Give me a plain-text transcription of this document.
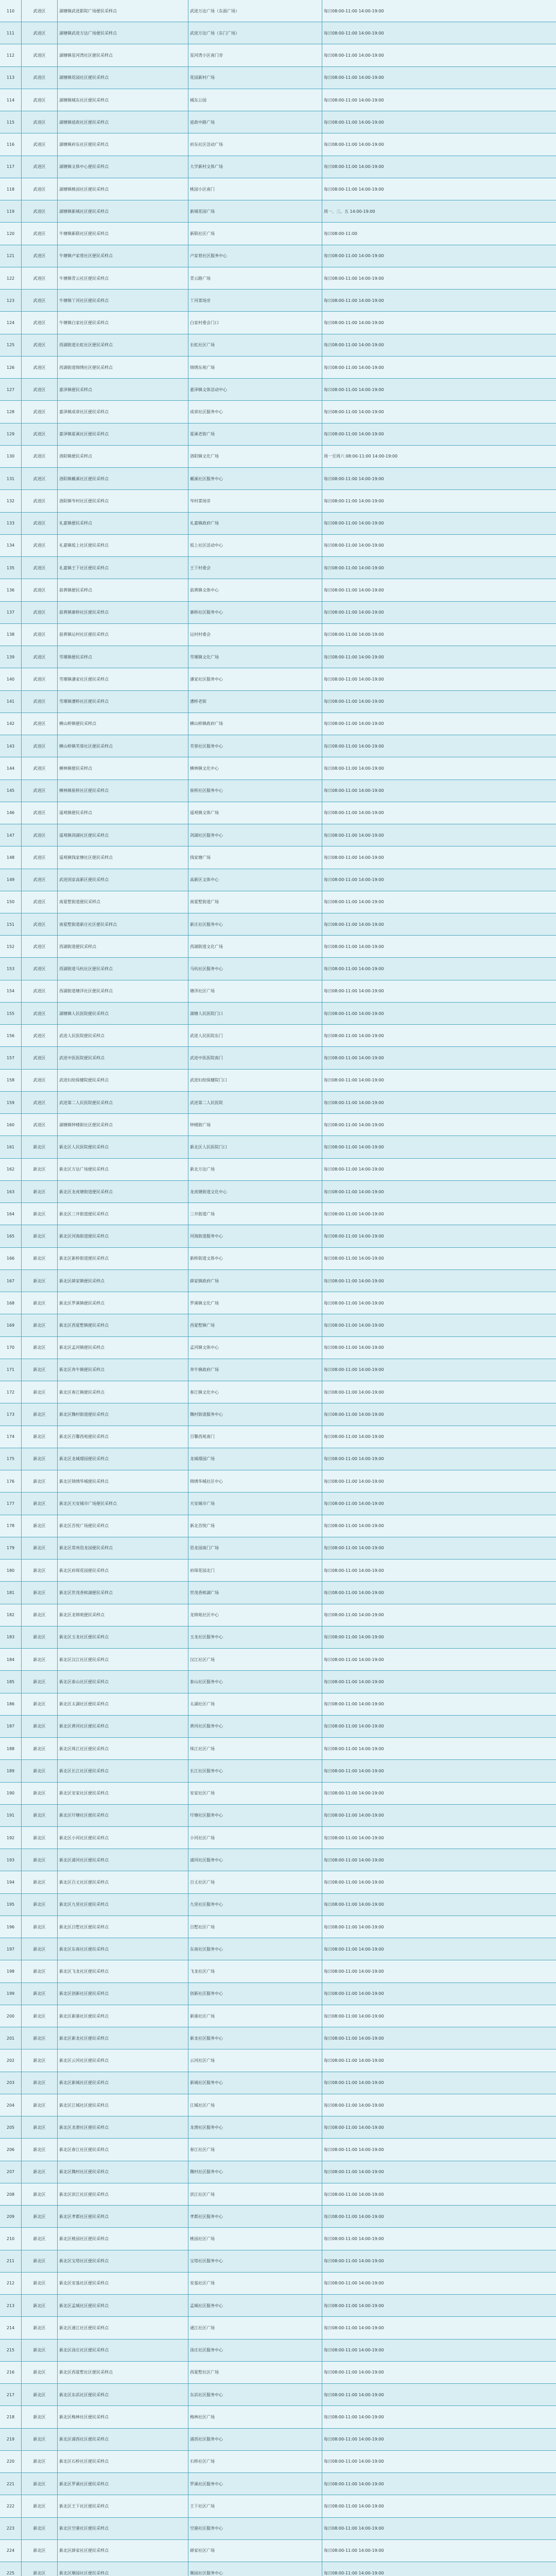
110	武进区	湖塘镇武进影院广场便民采样点	武进万达广场（东面广场）	每日08:00-11:00 14:00-19:00
111	武进区	湖塘镇武进万达广场便民采样点	武进万达广场（东门广场）	每日08:00-11:00 14:00-19:00
112	武进区	湖塘镇星河湾社区便民采样点	星河湾小区南门旁	每日08:00-11:00 14:00-19:00
113	武进区	湖塘镇花园社区便民采样点	花园新村广场	每日08:00-11:00 14:00-19:00
114	武进区	湖塘镇城东社区便民采样点	城东公园	每日08:00-11:00 14:00-19:00
115	武进区	湖塘镇延政社区便民采样点	延政中路广场	每日08:00-11:00 14:00-19:00
116	武进区	湖塘镇府东社区便民采样点	府东社区活动广场	每日08:00-11:00 14:00-19:00
117	武进区	湖塘镇文体中心便民采样点	大学新村文体广场	每日08:00-11:00 14:00-19:00
118	武进区	湖塘镇桃园社区便民采样点	桃园小区南门	每日08:00-11:00 14:00-19:00
119	武进区	湖塘镇新城社区便民采样点	新城花园广场	周一、三、五 14:00-19:00
120	武进区	牛塘镇新联社区便民采样点	新联社区广场	每日08:00-11:00
121	武进区	牛塘镇卢家巷社区便民采样点	卢家巷社区服务中心	每日08:00-11:00 14:00-19:00
122	武进区	牛塘镇青云社区便民采样点	青云路广场	每日08:00-11:00 14:00-19:00
123	武进区	牛塘镇丫河社区便民采样点	丫河菜场旁	每日08:00-11:00 14:00-19:00
124	武进区	牛塘镇白家社区便民采样点	白家村委会门口	每日08:00-11:00 14:00-19:00
125	武进区	西湖街道长虹社区便民采样点	长虹社区广场	每日08:00-11:00 14:00-19:00
126	武进区	西湖街道锦绣社区便民采样点	锦绣东苑广场	每日08:00-11:00 14:00-19:00
127	武进区	嘉泽镇便民采样点	嘉泽镇文体活动中心	每日08:00-11:00 14:00-19:00
128	武进区	嘉泽镇成章社区便民采样点	成章社区服务中心	每日08:00-11:00 14:00-19:00
129	武进区	嘉泽镇夏溪社区便民采样点	夏溪老街广场	每日08:00-11:00 14:00-19:00
130	武进区	洛阳镇便民采样点	洛阳镇文化广场	周一至周六 08:00-11:00 14:00-19:00
131	武进区	洛阳镇戴溪社区便民采样点	戴溪社区服务中心	每日08:00-11:00 14:00-19:00
132	武进区	洛阳镇岑村社区便民采样点	岑村菜场旁	每日08:00-11:00 14:00-19:00
133	武进区	礼嘉镇便民采样点	礼嘉镇政府广场	每日08:00-11:00 14:00-19:00
134	武进区	礼嘉镇坂上社区便民采样点	坂上社区活动中心	每日08:00-11:00 14:00-19:00
135	武进区	礼嘉镇王下社区便民采样点	王下村委会	每日08:00-11:00 14:00-19:00
136	武进区	前黄镇便民采样点	前黄镇文体中心	每日08:00-11:00 14:00-19:00
137	武进区	前黄镇寨桥社区便民采样点	寨桥社区服务中心	每日08:00-11:00 14:00-19:00
138	武进区	前黄镇运村社区便民采样点	运村村委会	每日08:00-11:00 14:00-19:00
139	武进区	雪堰镇便民采样点	雪堰镇文化广场	每日08:00-11:00 14:00-19:00
140	武进区	雪堰镇潘家社区便民采样点	潘家社区服务中心	每日08:00-11:00 14:00-19:00
141	武进区	雪堰镇漕桥社区便民采样点	漕桥老街	每日08:00-11:00 14:00-19:00
142	武进区	横山桥镇便民采样点	横山桥镇政府广场	每日08:00-11:00 14:00-19:00
143	武进区	横山桥镇芙蓉社区便民采样点	芙蓉社区服务中心	每日08:00-11:00 14:00-19:00
144	武进区	横林镇便民采样点	横林镇文化中心	每日08:00-11:00 14:00-19:00
145	武进区	横林镇崔桥社区便民采样点	崔桥社区服务中心	每日08:00-11:00 14:00-19:00
146	武进区	遥观镇便民采样点	遥观镇文体广场	每日08:00-11:00 14:00-19:00
147	武进区	遥观镇剑湖社区便民采样点	剑湖社区服务中心	每日08:00-11:00 14:00-19:00
148	武进区	遥观镇钱家塘社区便民采样点	钱家塘广场	每日08:00-11:00 14:00-19:00
149	武进区	武进国家高新区便民采样点	高新区文体中心	每日08:00-11:00 14:00-19:00
150	武进区	南夏墅街道便民采样点	南夏墅街道广场	每日08:00-11:00 14:00-19:00
151	武进区	南夏墅街道新庄社区便民采样点	新庄社区服务中心	每日08:00-11:00 14:00-19:00
152	武进区	西湖街道便民采样点	西湖街道文化广场	每日08:00-11:00 14:00-19:00
153	武进区	西湖街道马杭社区便民采样点	马杭社区服务中心	每日08:00-11:00 14:00-19:00
154	武进区	西湖街道塘洋社区便民采样点	塘洋社区广场	每日08:00-11:00 14:00-19:00
155	武进区	湖塘镇人民医院便民采样点	湖塘人民医院门口	每日08:00-11:00 14:00-19:00
156	武进区	武进人民医院便民采样点	武进人民医院东门	每日08:00-11:00 14:00-19:00
157	武进区	武进中医医院便民采样点	武进中医医院南门	每日08:00-11:00 14:00-19:00
158	武进区	武进妇幼保健院便民采样点	武进妇幼保健院门口	每日08:00-11:00 14:00-19:00
159	武进区	武进第二人民医院便民采样点	武进第二人民医院	每日08:00-11:00 14:00-19:00
160	武进区	湖塘镇钟楼街社区便民采样点	钟楼街广场	每日08:00-11:00 14:00-19:00
161	新北区	新北区人民医院便民采样点	新北区人民医院门口	每日08:00-11:00 14:00-19:00
162	新北区	新北区万达广场便民采样点	新北万达广场	每日08:00-11:00 14:00-19:00
163	新北区	新北区龙虎塘街道便民采样点	龙虎塘街道文化中心	每日08:00-11:00 14:00-19:00
164	新北区	新北区三井街道便民采样点	三井街道广场	每日08:00-11:00 14:00-19:00
165	新北区	新北区河海街道便民采样点	河海街道服务中心	每日08:00-11:00 14:00-19:00
166	新北区	新北区新桥街道便民采样点	新桥街道文体中心	每日08:00-11:00 14:00-19:00
167	新北区	新北区薛家镇便民采样点	薛家镇政府广场	每日08:00-11:00 14:00-19:00
168	新北区	新北区罗溪镇便民采样点	罗溪镇文化广场	每日08:00-11:00 14:00-19:00
169	新北区	新北区西夏墅镇便民采样点	西夏墅镇广场	每日08:00-11:00 14:00-19:00
170	新北区	新北区孟河镇便民采样点	孟河镇文体中心	每日08:00-11:00 14:00-19:00
171	新北区	新北区奔牛镇便民采样点	奔牛镇政府广场	每日08:00-11:00 14:00-19:00
172	新北区	新北区春江镇便民采样点	春江镇文化中心	每日08:00-11:00 14:00-19:00
173	新北区	新北区魏村街道便民采样点	魏村街道服务中心	每日08:00-11:00 14:00-19:00
174	新北区	新北区百馨西苑便民采样点	百馨西苑南门	每日08:00-11:00 14:00-19:00
175	新北区	新北区龙城璟园便民采样点	龙城璟园广场	每日08:00-11:00 14:00-19:00
176	新北区	新北区锦绣华城便民采样点	锦绣华城社区中心	每日08:00-11:00 14:00-19:00
177	新北区	新北区天安城市广场便民采样点	天安城市广场	每日08:00-11:00 14:00-19:00
178	新北区	新北区吾悦广场便民采样点	新北吾悦广场	每日08:00-11:00 14:00-19:00
179	新北区	新北区常州恐龙园便民采样点	恐龙园南门广场	每日08:00-11:00 14:00-19:00
180	新北区	新北区府琛花园便民采样点	府琛花园北门	每日08:00-11:00 14:00-19:00
181	新北区	新北区世茂香槟湖便民采样点	世茂香槟湖广场	每日08:00-11:00 14:00-19:00
182	新北区	新北区龙锦苑便民采样点	龙锦苑社区中心	每日08:00-11:00 14:00-19:00
183	新北区	新北区玉龙社区便民采样点	玉龙社区服务中心	每日08:00-11:00 14:00-19:00
184	新北区	新北区汉江社区便民采样点	汉江社区广场	每日08:00-11:00 14:00-19:00
185	新北区	新北区泰山社区便民采样点	泰山社区服务中心	每日08:00-11:00 14:00-19:00
186	新北区	新北区太湖社区便民采样点	太湖社区广场	每日08:00-11:00 14:00-19:00
187	新北区	新北区黄河社区便民采样点	黄河社区服务中心	每日08:00-11:00 14:00-19:00
188	新北区	新北区珠江社区便民采样点	珠江社区广场	每日08:00-11:00 14:00-19:00
189	新北区	新北区长江社区便民采样点	长江社区服务中心	每日08:00-11:00 14:00-19:00
190	新北区	新北区安家社区便民采样点	安家社区广场	每日08:00-11:00 14:00-19:00
191	新北区	新北区圩塘社区便民采样点	圩塘社区服务中心	每日08:00-11:00 14:00-19:00
192	新北区	新北区小河社区便民采样点	小河社区广场	每日08:00-11:00 14:00-19:00
193	新北区	新北区浦河社区便民采样点	浦河社区服务中心	每日08:00-11:00 14:00-19:00
194	新北区	新北区百丈社区便民采样点	百丈社区广场	每日08:00-11:00 14:00-19:00
195	新北区	新北区九里社区便民采样点	九里社区服务中心	每日08:00-11:00 14:00-19:00
196	新北区	新北区吕墅社区便民采样点	吕墅社区广场	每日08:00-11:00 14:00-19:00
197	新北区	新北区东南社区便民采样点	东南社区服务中心	每日08:00-11:00 14:00-19:00
198	新北区	新北区飞龙社区便民采样点	飞龙社区广场	每日08:00-11:00 14:00-19:00
199	新北区	新北区创新社区便民采样点	创新社区服务中心	每日08:00-11:00 14:00-19:00
200	新北区	新北区新港社区便民采样点	新港社区广场	每日08:00-11:00 14:00-19:00
201	新北区	新北区新龙社区便民采样点	新龙社区服务中心	每日08:00-11:00 14:00-19:00
202	新北区	新北区云河社区便民采样点	云河社区广场	每日08:00-11:00 14:00-19:00
203	新北区	新北区新城社区便民采样点	新城社区服务中心	每日08:00-11:00 14:00-19:00
204	新北区	新北区江城社区便民采样点	江城社区广场	每日08:00-11:00 14:00-19:00
205	新北区	新北区龙潜社区便民采样点	龙潜社区服务中心	每日08:00-11:00 14:00-19:00
206	新北区	新北区春江社区便民采样点	春江社区广场	每日08:00-11:00 14:00-19:00
207	新北区	新北区魏村社区便民采样点	魏村社区服务中心	每日08:00-11:00 14:00-19:00
208	新北区	新北区滨江社区便民采样点	滨江社区广场	每日08:00-11:00 14:00-19:00
209	新北区	新北区孝都社区便民采样点	孝都社区服务中心	每日08:00-11:00 14:00-19:00
210	新北区	新北区桃园社区便民采样点	桃园社区广场	每日08:00-11:00 14:00-19:00
211	新北区	新北区宝塔社区便民采样点	宝塔社区服务中心	每日08:00-11:00 14:00-19:00
212	新北区	新北区安基社区便民采样点	安基社区广场	每日08:00-11:00 14:00-19:00
213	新北区	新北区孟城社区便民采样点	孟城社区服务中心	每日08:00-11:00 14:00-19:00
214	新北区	新北区通江社区便民采样点	通江社区广场	每日08:00-11:00 14:00-19:00
215	新北区	新北区汤庄社区便民采样点	汤庄社区服务中心	每日08:00-11:00 14:00-19:00
216	新北区	新北区西夏墅社区便民采样点	西夏墅社区广场	每日08:00-11:00 14:00-19:00
217	新北区	新北区东浜社区便民采样点	东浜社区服务中心	每日08:00-11:00 14:00-19:00
218	新北区	新北区梅林社区便民采样点	梅林社区广场	每日08:00-11:00 14:00-19:00
219	新北区	新北区浦西社区便民采样点	浦西社区服务中心	每日08:00-11:00 14:00-19:00
220	新北区	新北区石桥社区便民采样点	石桥社区广场	每日08:00-11:00 14:00-19:00
221	新北区	新北区罗溪社区便民采样点	罗溪社区服务中心	每日08:00-11:00 14:00-19:00
222	新北区	新北区王下社区便民采样点	王下社区广场	每日08:00-11:00 14:00-19:00
223	新北区	新北区空港社区便民采样点	空港社区服务中心	每日08:00-11:00 14:00-19:00
224	新北区	新北区薛家社区便民采样点	薛家社区广场	每日08:00-11:00 14:00-19:00
225	新北区	新北区顺园社区便民采样点	顺园社区服务中心	每日08:00-11:00 14:00-19:00
